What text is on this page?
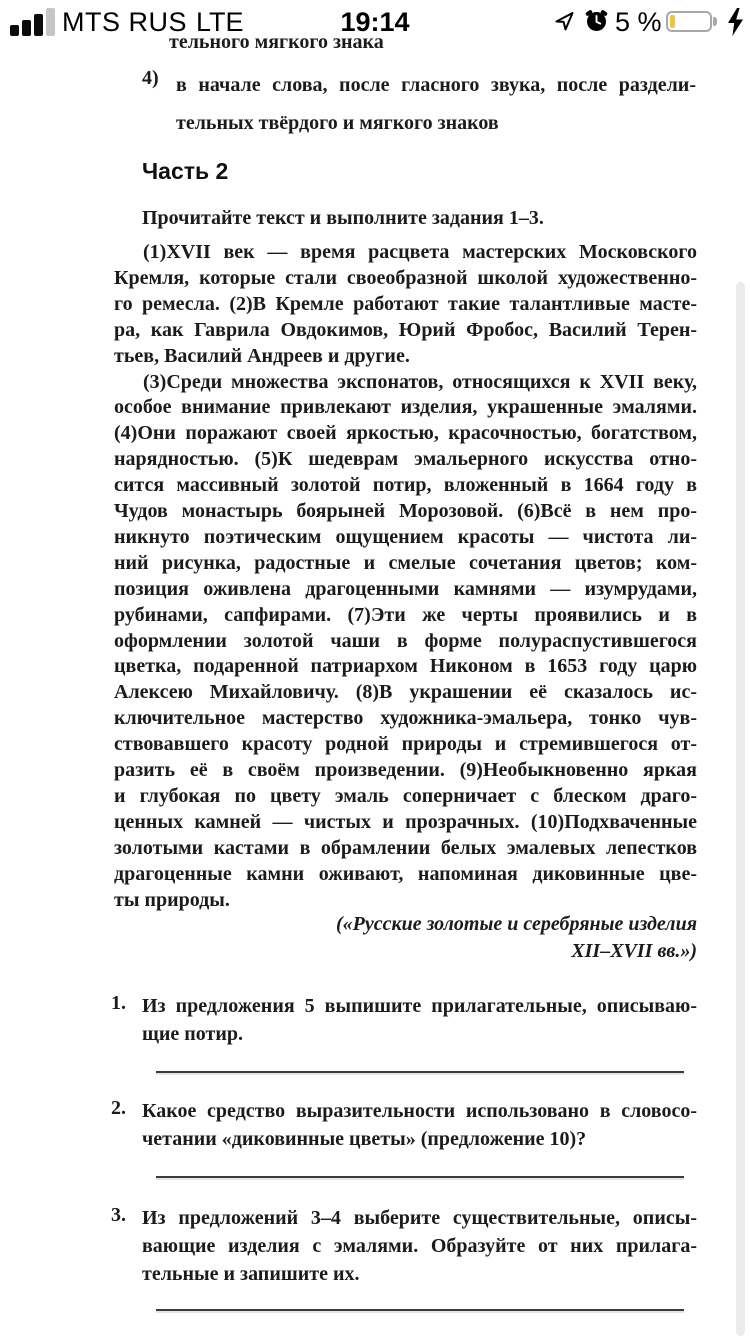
MTS RUS LTE	19:14	5 %
тельного мягкого знака
4) в начале слова, после гласного звука, после раздели-
тельных твёрдого и мягкого знаков
Часть 2
Прочитайте текст и выполните задания 1–3.
(1)XVII век — время расцвета мастерских Московского
Кремля, которые стали своеобразной школой художественно-
го ремесла. (2)В Кремле работают такие талантливые масте-
ра, как Гаврила Овдокимов, Юрий Фробос, Василий Терен-
тьев, Василий Андреев и другие.
(3)Среди множества экспонатов, относящихся к XVII веку,
особое внимание привлекают изделия, украшенные эмалями.
(4)Они поражают своей яркостью, красочностью, богатством,
нарядностью. (5)К шедеврам эмальерного искусства отно-
сится массивный золотой потир, вложенный в 1664 году в
Чудов монастырь боярыней Морозовой. (6)Всё в нем про-
никнуто поэтическим ощущением красоты — чистота ли-
ний рисунка, радостные и смелые сочетания цветов; ком-
позиция оживлена драгоценными камнями — изумрудами,
рубинами, сапфирами. (7)Эти же черты проявились и в
оформлении золотой чаши в форме полураспустившегося
цветка, подаренной патриархом Никоном в 1653 году царю
Алексею Михайловичу. (8)В украшении её сказалось ис-
ключительное мастерство художника-эмальера, тонко чув-
ствовавшего красоту родной природы и стремившегося от-
разить её в своём произведении. (9)Необыкновенно яркая
и глубокая по цвету эмаль соперничает с блеском драго-
ценных камней — чистых и прозрачных. (10)Подхваченные
золотыми кастами в обрамлении белых эмалевых лепестков
драгоценные камни оживают, напоминая диковинные цве-
ты природы.
(«Русские золотые и серебряные изделия
XII–XVII вв.»)
1. Из предложения 5 выпишите прилагательные, описываю-
щие потир.
2. Какое средство выразительности использовано в словосо-
четании «диковинные цветы» (предложение 10)?
3. Из предложений 3–4 выберите существительные, описы-
вающие изделия с эмалями. Образуйте от них прилага-
тельные и запишите их.
